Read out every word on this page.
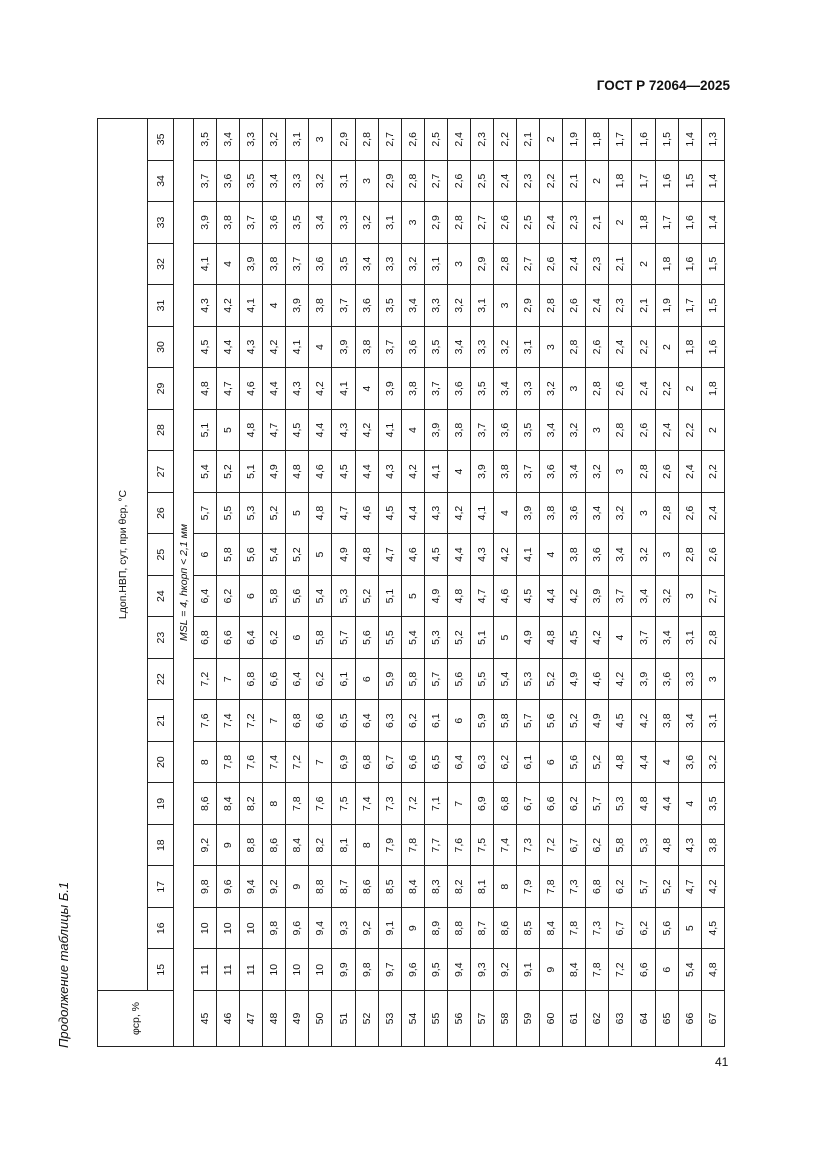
ГОСТ Р 72064—2025
Продолжение таблицы Б.1	φср, %	Lдоп.НВП, сут, при θср, °C																				
	15	16	17	18	19	20	21	22	23	24	25	26	27	28	29	30	31	32	33	34	35
MSL = 4, hкорп < 2,1 мм																					
45	11	10	9,8	9,2	8,6	8	7,6	7,2	6,8	6,4	6	5,7	5,4	5,1	4,8	4,5	4,3	4,1	3,9	3,7	3,5
46	11	10	9,6	9	8,4	7,8	7,4	7	6,6	6,2	5,8	5,5	5,2	5	4,7	4,4	4,2	4	3,8	3,6	3,4
47	11	10	9,4	8,8	8,2	7,6	7,2	6,8	6,4	6	5,6	5,3	5,1	4,8	4,6	4,3	4,1	3,9	3,7	3,5	3,3
48	10	9,8	9,2	8,6	8	7,4	7	6,6	6,2	5,8	5,4	5,2	4,9	4,7	4,4	4,2	4	3,8	3,6	3,4	3,2
49	10	9,6	9	8,4	7,8	7,2	6,8	6,4	6	5,6	5,2	5	4,8	4,5	4,3	4,1	3,9	3,7	3,5	3,3	3,1
50	10	9,4	8,8	8,2	7,6	7	6,6	6,2	5,8	5,4	5	4,8	4,6	4,4	4,2	4	3,8	3,6	3,4	3,2	3
51	9,9	9,3	8,7	8,1	7,5	6,9	6,5	6,1	5,7	5,3	4,9	4,7	4,5	4,3	4,1	3,9	3,7	3,5	3,3	3,1	2,9
52	9,8	9,2	8,6	8	7,4	6,8	6,4	6	5,6	5,2	4,8	4,6	4,4	4,2	4	3,8	3,6	3,4	3,2	3	2,8
53	9,7	9,1	8,5	7,9	7,3	6,7	6,3	5,9	5,5	5,1	4,7	4,5	4,3	4,1	3,9	3,7	3,5	3,3	3,1	2,9	2,7
54	9,6	9	8,4	7,8	7,2	6,6	6,2	5,8	5,4	5	4,6	4,4	4,2	4	3,8	3,6	3,4	3,2	3	2,8	2,6
55	9,5	8,9	8,3	7,7	7,1	6,5	6,1	5,7	5,3	4,9	4,5	4,3	4,1	3,9	3,7	3,5	3,3	3,1	2,9	2,7	2,5
56	9,4	8,8	8,2	7,6	7	6,4	6	5,6	5,2	4,8	4,4	4,2	4	3,8	3,6	3,4	3,2	3	2,8	2,6	2,4
57	9,3	8,7	8,1	7,5	6,9	6,3	5,9	5,5	5,1	4,7	4,3	4,1	3,9	3,7	3,5	3,3	3,1	2,9	2,7	2,5	2,3
58	9,2	8,6	8	7,4	6,8	6,2	5,8	5,4	5	4,6	4,2	4	3,8	3,6	3,4	3,2	3	2,8	2,6	2,4	2,2
59	9,1	8,5	7,9	7,3	6,7	6,1	5,7	5,3	4,9	4,5	4,1	3,9	3,7	3,5	3,3	3,1	2,9	2,7	2,5	2,3	2,1
60	9	8,4	7,8	7,2	6,6	6	5,6	5,2	4,8	4,4	4	3,8	3,6	3,4	3,2	3	2,8	2,6	2,4	2,2	2
61	8,4	7,8	7,3	6,7	6,2	5,6	5,2	4,9	4,5	4,2	3,8	3,6	3,4	3,2	3	2,8	2,6	2,4	2,3	2,1	1,9
62	7,8	7,3	6,8	6,2	5,7	5,2	4,9	4,6	4,2	3,9	3,6	3,4	3,2	3	2,8	2,6	2,4	2,3	2,1	2	1,8
63	7,2	6,7	6,2	5,8	5,3	4,8	4,5	4,2	4	3,7	3,4	3,2	3	2,8	2,6	2,4	2,3	2,1	2	1,8	1,7
64	6,6	6,2	5,7	5,3	4,8	4,4	4,2	3,9	3,7	3,4	3,2	3	2,8	2,6	2,4	2,2	2,1	2	1,8	1,7	1,6
65	6	5,6	5,2	4,8	4,4	4	3,8	3,6	3,4	3,2	3	2,8	2,6	2,4	2,2	2	1,9	1,8	1,7	1,6	1,5
66	5,4	5	4,7	4,3	4	3,6	3,4	3,3	3,1	3	2,8	2,6	2,4	2,2	2	1,8	1,7	1,6	1,6	1,5	1,4
67	4,8	4,5	4,2	3,8	3,5	3,2	3,1	3	2,8	2,7	2,6	2,4	2,2	2	1,8	1,6	1,5	1,5	1,4	1,4	1,3
41
